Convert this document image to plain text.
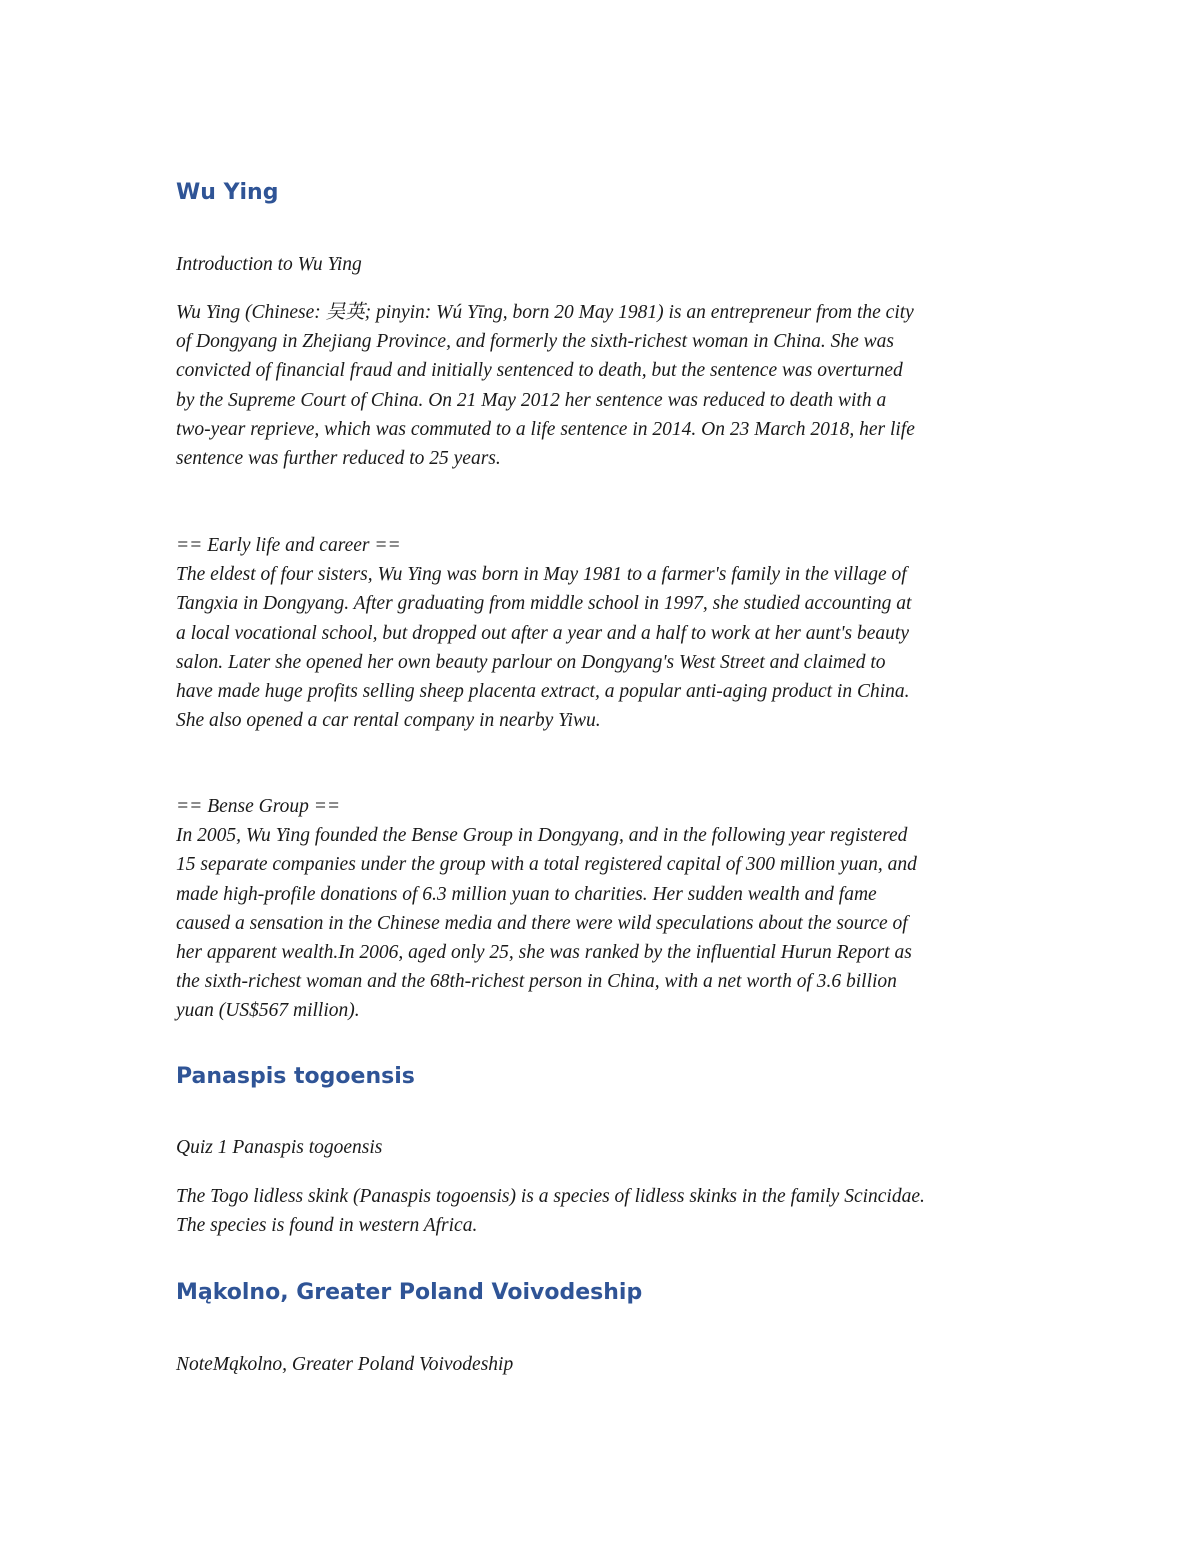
Wu Ying

Introduction to Wu Ying

Wu Ying (Chinese: 吴英; pinyin: Wú Yīng, born 20 May 1981) is an entrepreneur from the city
of Dongyang in Zhejiang Province, and formerly the sixth-richest woman in China. She was
convicted of financial fraud and initially sentenced to death, but the sentence was overturned
by the Supreme Court of China. On 21 May 2012 her sentence was reduced to death with a
two-year reprieve, which was commuted to a life sentence in 2014. On 23 March 2018, her life
sentence was further reduced to 25 years.

== Early life and career ==
The eldest of four sisters, Wu Ying was born in May 1981 to a farmer's family in the village of
Tangxia in Dongyang. After graduating from middle school in 1997, she studied accounting at
a local vocational school, but dropped out after a year and a half to work at her aunt's beauty
salon. Later she opened her own beauty parlour on Dongyang's West Street and claimed to
have made huge profits selling sheep placenta extract, a popular anti-aging product in China.
She also opened a car rental company in nearby Yiwu.

== Bense Group ==
In 2005, Wu Ying founded the Bense Group in Dongyang, and in the following year registered
15 separate companies under the group with a total registered capital of 300 million yuan, and
made high-profile donations of 6.3 million yuan to charities. Her sudden wealth and fame
caused a sensation in the Chinese media and there were wild speculations about the source of
her apparent wealth.In 2006, aged only 25, she was ranked by the influential Hurun Report as
the sixth-richest woman and the 68th-richest person in China, with a net worth of 3.6 billion
yuan (US$567 million).

Panaspis togoensis

Quiz 1 Panaspis togoensis

The Togo lidless skink (Panaspis togoensis) is a species of lidless skinks in the family Scincidae.
The species is found in western Africa.

Mąkolno, Greater Poland Voivodeship

NoteMąkolno, Greater Poland Voivodeship
